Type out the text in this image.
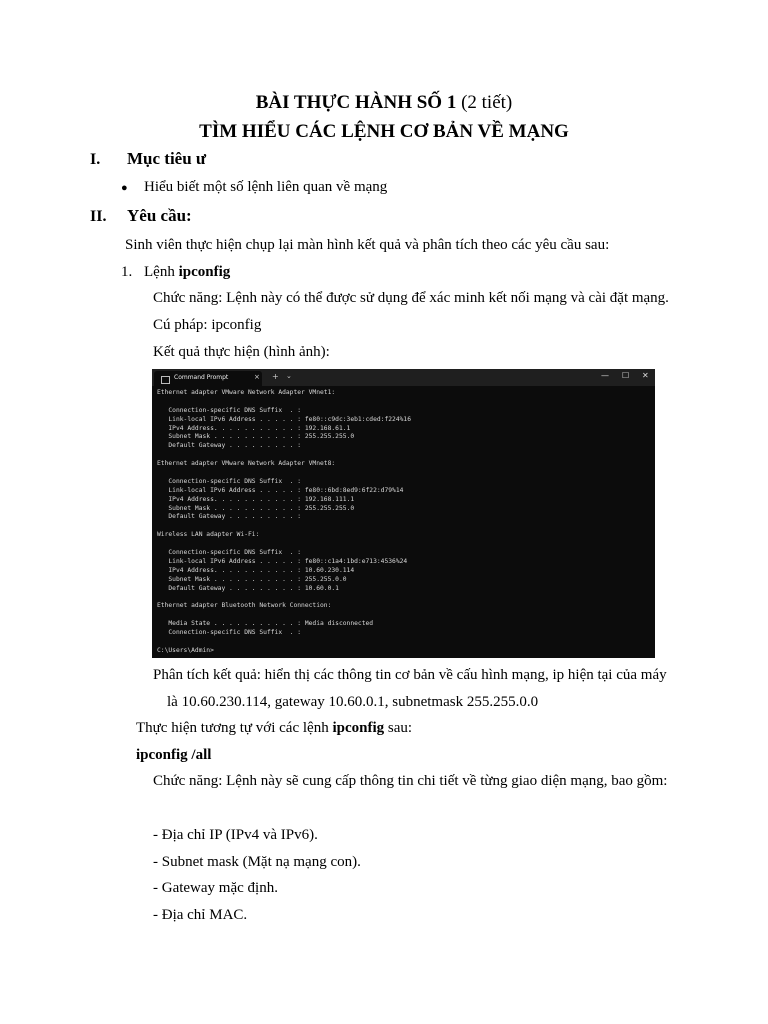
BÀI THỰC HÀNH SỐ 1 (2 tiết)
TÌM HIỂU CÁC LỆNH CƠ BẢN VỀ MẠNG
I. Mục tiêu ư
● Hiểu biết một số lệnh liên quan về mạng
II. Yêu cầu:
Sinh viên thực hiện chụp lại màn hình kết quả và phân tích theo các yêu cầu sau:
1. Lệnh ipconfig
Chức năng: Lệnh này có thể được sử dụng để xác minh kết nối mạng và cài đặt mạng.
Cú pháp: ipconfig
Kết quả thực hiện (hình ảnh):
Command Prompt	× + ⌄	— ☐ ✕
Ethernet adapter VMware Network Adapter VMnet1:
Connection-specific DNS Suffix  . :
Link-local IPv6 Address . . . . . : fe80::c9dc:3eb1:cded:f224%16
IPv4 Address. . . . . . . . . . . : 192.168.61.1
Subnet Mask . . . . . . . . . . . : 255.255.255.0
Default Gateway . . . . . . . . . :
Ethernet adapter VMware Network Adapter VMnet8:
Connection-specific DNS Suffix  . :
Link-local IPv6 Address . . . . . : fe80::6bd:8ed9:6f22:d79%14
IPv4 Address. . . . . . . . . . . : 192.168.111.1
Subnet Mask . . . . . . . . . . . : 255.255.255.0
Default Gateway . . . . . . . . . :
Wireless LAN adapter Wi-Fi:
Connection-specific DNS Suffix  . :
Link-local IPv6 Address . . . . . : fe80::c1a4:1bd:e713:4536%24
IPv4 Address. . . . . . . . . . . : 10.60.230.114
Subnet Mask . . . . . . . . . . . : 255.255.0.0
Default Gateway . . . . . . . . . : 10.60.0.1
Ethernet adapter Bluetooth Network Connection:
Media State . . . . . . . . . . . : Media disconnected
Connection-specific DNS Suffix  . :
C:\Users\Admin>
Phân tích kết quả: hiển thị các thông tin cơ bản về cấu hình mạng, ip hiện tại của máy
là 10.60.230.114, gateway 10.60.0.1, subnetmask 255.255.0.0
Thực hiện tương tự với các lệnh ipconfig sau:
ipconfig /all
Chức năng: Lệnh này sẽ cung cấp thông tin chi tiết về từng giao diện mạng, bao gồm:
- Địa chỉ IP (IPv4 và IPv6).
- Subnet mask (Mặt nạ mạng con).
- Gateway mặc định.
- Địa chỉ MAC.
